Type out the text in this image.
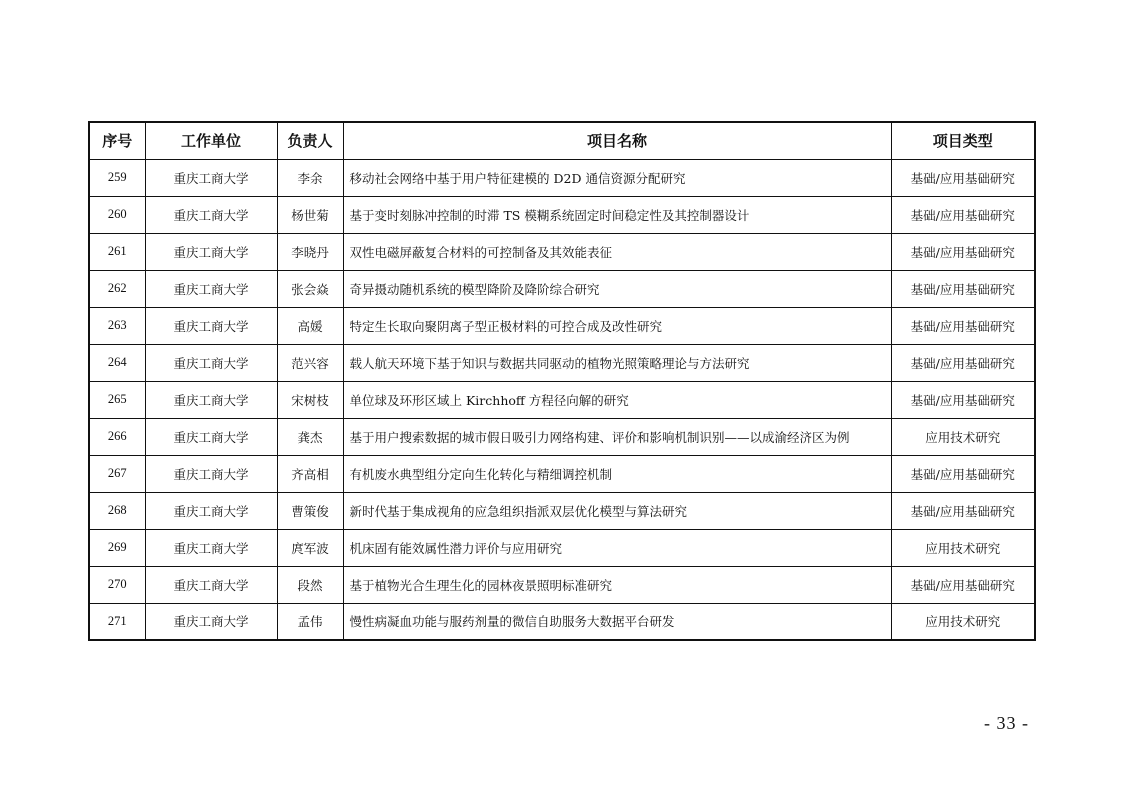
序号	工作单位	负责人	项目名称	项目类型
259	重庆工商大学	李余	移动社会网络中基于用户特征建模的 D2D 通信资源分配研究	基础/应用基础研究
260	重庆工商大学	杨世菊	基于变时刻脉冲控制的时滞 TS 模糊系统固定时间稳定性及其控制器设计	基础/应用基础研究
261	重庆工商大学	李晓丹	双性电磁屏蔽复合材料的可控制备及其效能表征	基础/应用基础研究
262	重庆工商大学	张会焱	奇异摄动随机系统的模型降阶及降阶综合研究	基础/应用基础研究
263	重庆工商大学	高媛	特定生长取向聚阴离子型正极材料的可控合成及改性研究	基础/应用基础研究
264	重庆工商大学	范兴容	载人航天环境下基于知识与数据共同驱动的植物光照策略理论与方法研究	基础/应用基础研究
265	重庆工商大学	宋树枝	单位球及环形区域上 Kirchhoff 方程径向解的研究	基础/应用基础研究
266	重庆工商大学	龚杰	基于用户搜索数据的城市假日吸引力网络构建、评价和影响机制识别——以成渝经济区为例	应用技术研究
267	重庆工商大学	齐高相	有机废水典型组分定向生化转化与精细调控机制	基础/应用基础研究
268	重庆工商大学	曹策俊	新时代基于集成视角的应急组织指派双层优化模型与算法研究	基础/应用基础研究
269	重庆工商大学	庹军波	机床固有能效属性潜力评价与应用研究	应用技术研究
270	重庆工商大学	段然	基于植物光合生理生化的园林夜景照明标准研究	基础/应用基础研究
271	重庆工商大学	孟伟	慢性病凝血功能与服药剂量的微信自助服务大数据平台研发	应用技术研究
- 33 -
